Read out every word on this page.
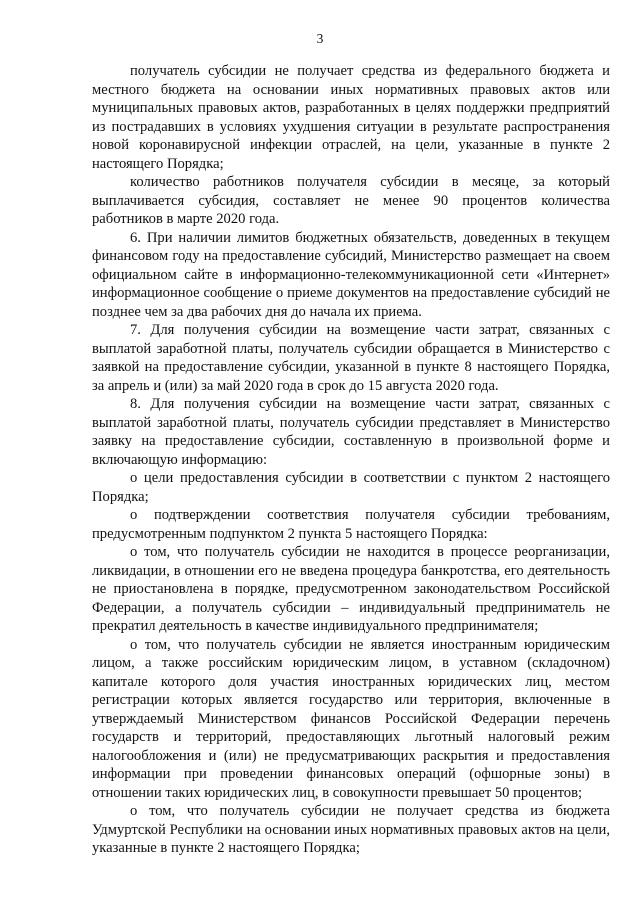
3

получатель субсидии не получает средства из федерального бюджета и местного бюджета на основании иных нормативных правовых актов или муниципальных правовых актов, разработанных в целях поддержки предприятий из пострадавших в условиях ухудшения ситуации в результате распространения новой коронавирусной инфекции отраслей, на цели, указанные в пункте 2 настоящего Порядка;

количество работников получателя субсидии в месяце, за который выплачивается субсидия, составляет не менее 90 процентов количества работников в марте 2020 года.

6. При наличии лимитов бюджетных обязательств, доведенных в текущем финансовом году на предоставление субсидий, Министерство размещает на своем официальном сайте в информационно-телекоммуникационной сети «Интернет» информационное сообщение о приеме документов на предоставление субсидий не позднее чем за два рабочих дня до начала их приема.

7. Для получения субсидии на возмещение части затрат, связанных с выплатой заработной платы, получатель субсидии обращается в Министерство с заявкой на предоставление субсидии, указанной в пункте 8 настоящего Порядка, за апрель и (или) за май 2020 года в срок до 15 августа 2020 года.

8. Для получения субсидии на возмещение части затрат, связанных с выплатой заработной платы, получатель субсидии представляет в Министерство заявку на предоставление субсидии, составленную в произвольной форме и включающую информацию:

о цели предоставления субсидии в соответствии с пунктом 2 настоящего Порядка;

о подтверждении соответствия получателя субсидии требованиям, предусмотренным подпунктом 2 пункта 5 настоящего Порядка:

о том, что получатель субсидии не находится в процессе реорганизации, ликвидации, в отношении его не введена процедура банкротства, его деятельность не приостановлена в порядке, предусмотренном законодательством Российской Федерации, а получатель субсидии – индивидуальный предприниматель не прекратил деятельность в качестве индивидуального предпринимателя;

о том, что получатель субсидии не является иностранным юридическим лицом, а также российским юридическим лицом, в уставном (складочном) капитале которого доля участия иностранных юридических лиц, местом регистрации которых является государство или территория, включенные в утверждаемый Министерством финансов Российской Федерации перечень государств и территорий, предоставляющих льготный налоговый режим налогообложения и (или) не предусматривающих раскрытия и предоставления информации при проведении финансовых операций (офшорные зоны) в отношении таких юридических лиц, в совокупности превышает 50 процентов;

о том, что получатель субсидии не получает средства из бюджета Удмуртской Республики на основании иных нормативных правовых актов на цели, указанные в пункте 2 настоящего Порядка;
